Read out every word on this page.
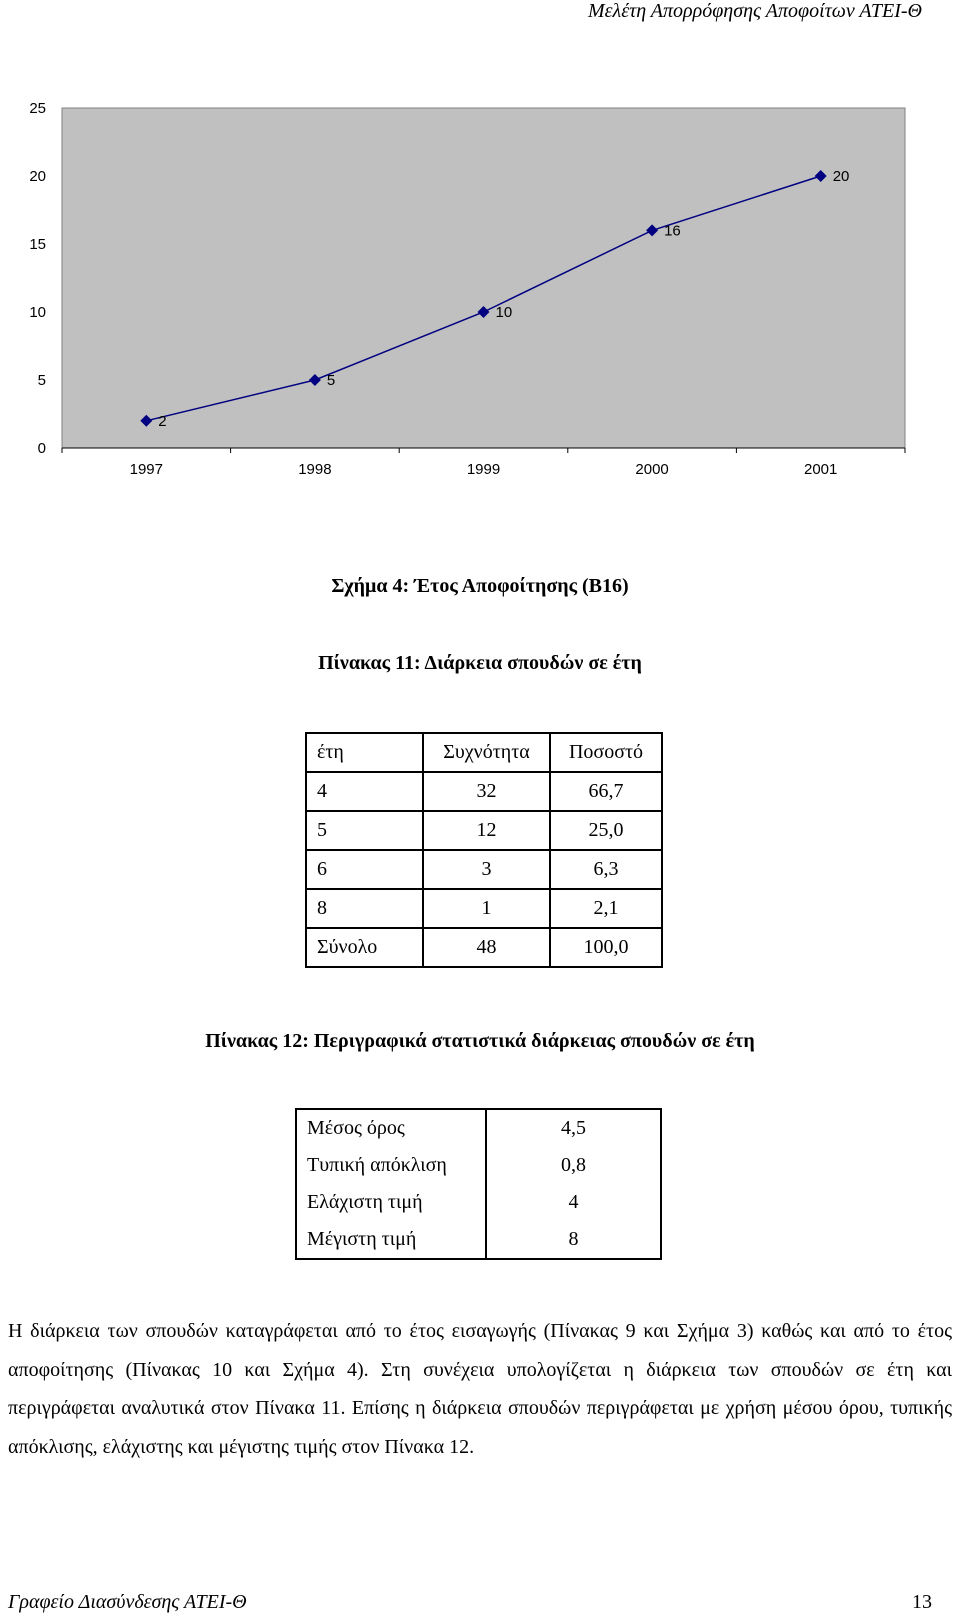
Μελέτη Απορρόφησης Αποφοίτων ΑΤΕΙ-Θ
0
5
10
15
20
25
1997	1998	1999	2000	2001
2
5
10
16
20
Σχήμα 4: Έτος Αποφοίτησης (Β16)
Πίνακας 11: Διάρκεια σπουδών σε έτη
έτη	Συχνότητα	Ποσοστό
4	32	66,7
5	12	25,0
6	3	6,3
8	1	2,1
Σύνολο	48	100,0
Πίνακας 12: Περιγραφικά στατιστικά διάρκειας σπουδών σε έτη
Μέσος όρος	4,5
Τυπική απόκλιση	0,8
Ελάχιστη τιμή	4
Μέγιστη τιμή	8

Η διάρκεια των σπουδών καταγράφεται από το έτος εισαγωγής (Πίνακας 9 και Σχήμα 3) καθώς και από το έτος αποφοίτησης (Πίνακας 10 και Σχήμα 4). Στη συνέχεια υπολογίζεται η διάρκεια των σπουδών σε έτη και περιγράφεται αναλυτικά στον Πίνακα 11. Επίσης η διάρκεια σπουδών περιγράφεται με χρήση μέσου όρου, τυπικής απόκλισης, ελάχιστης και μέγιστης τιμής στον Πίνακα 12.

Γραφείο Διασύνδεσης ΑΤΕΙ-Θ	13
